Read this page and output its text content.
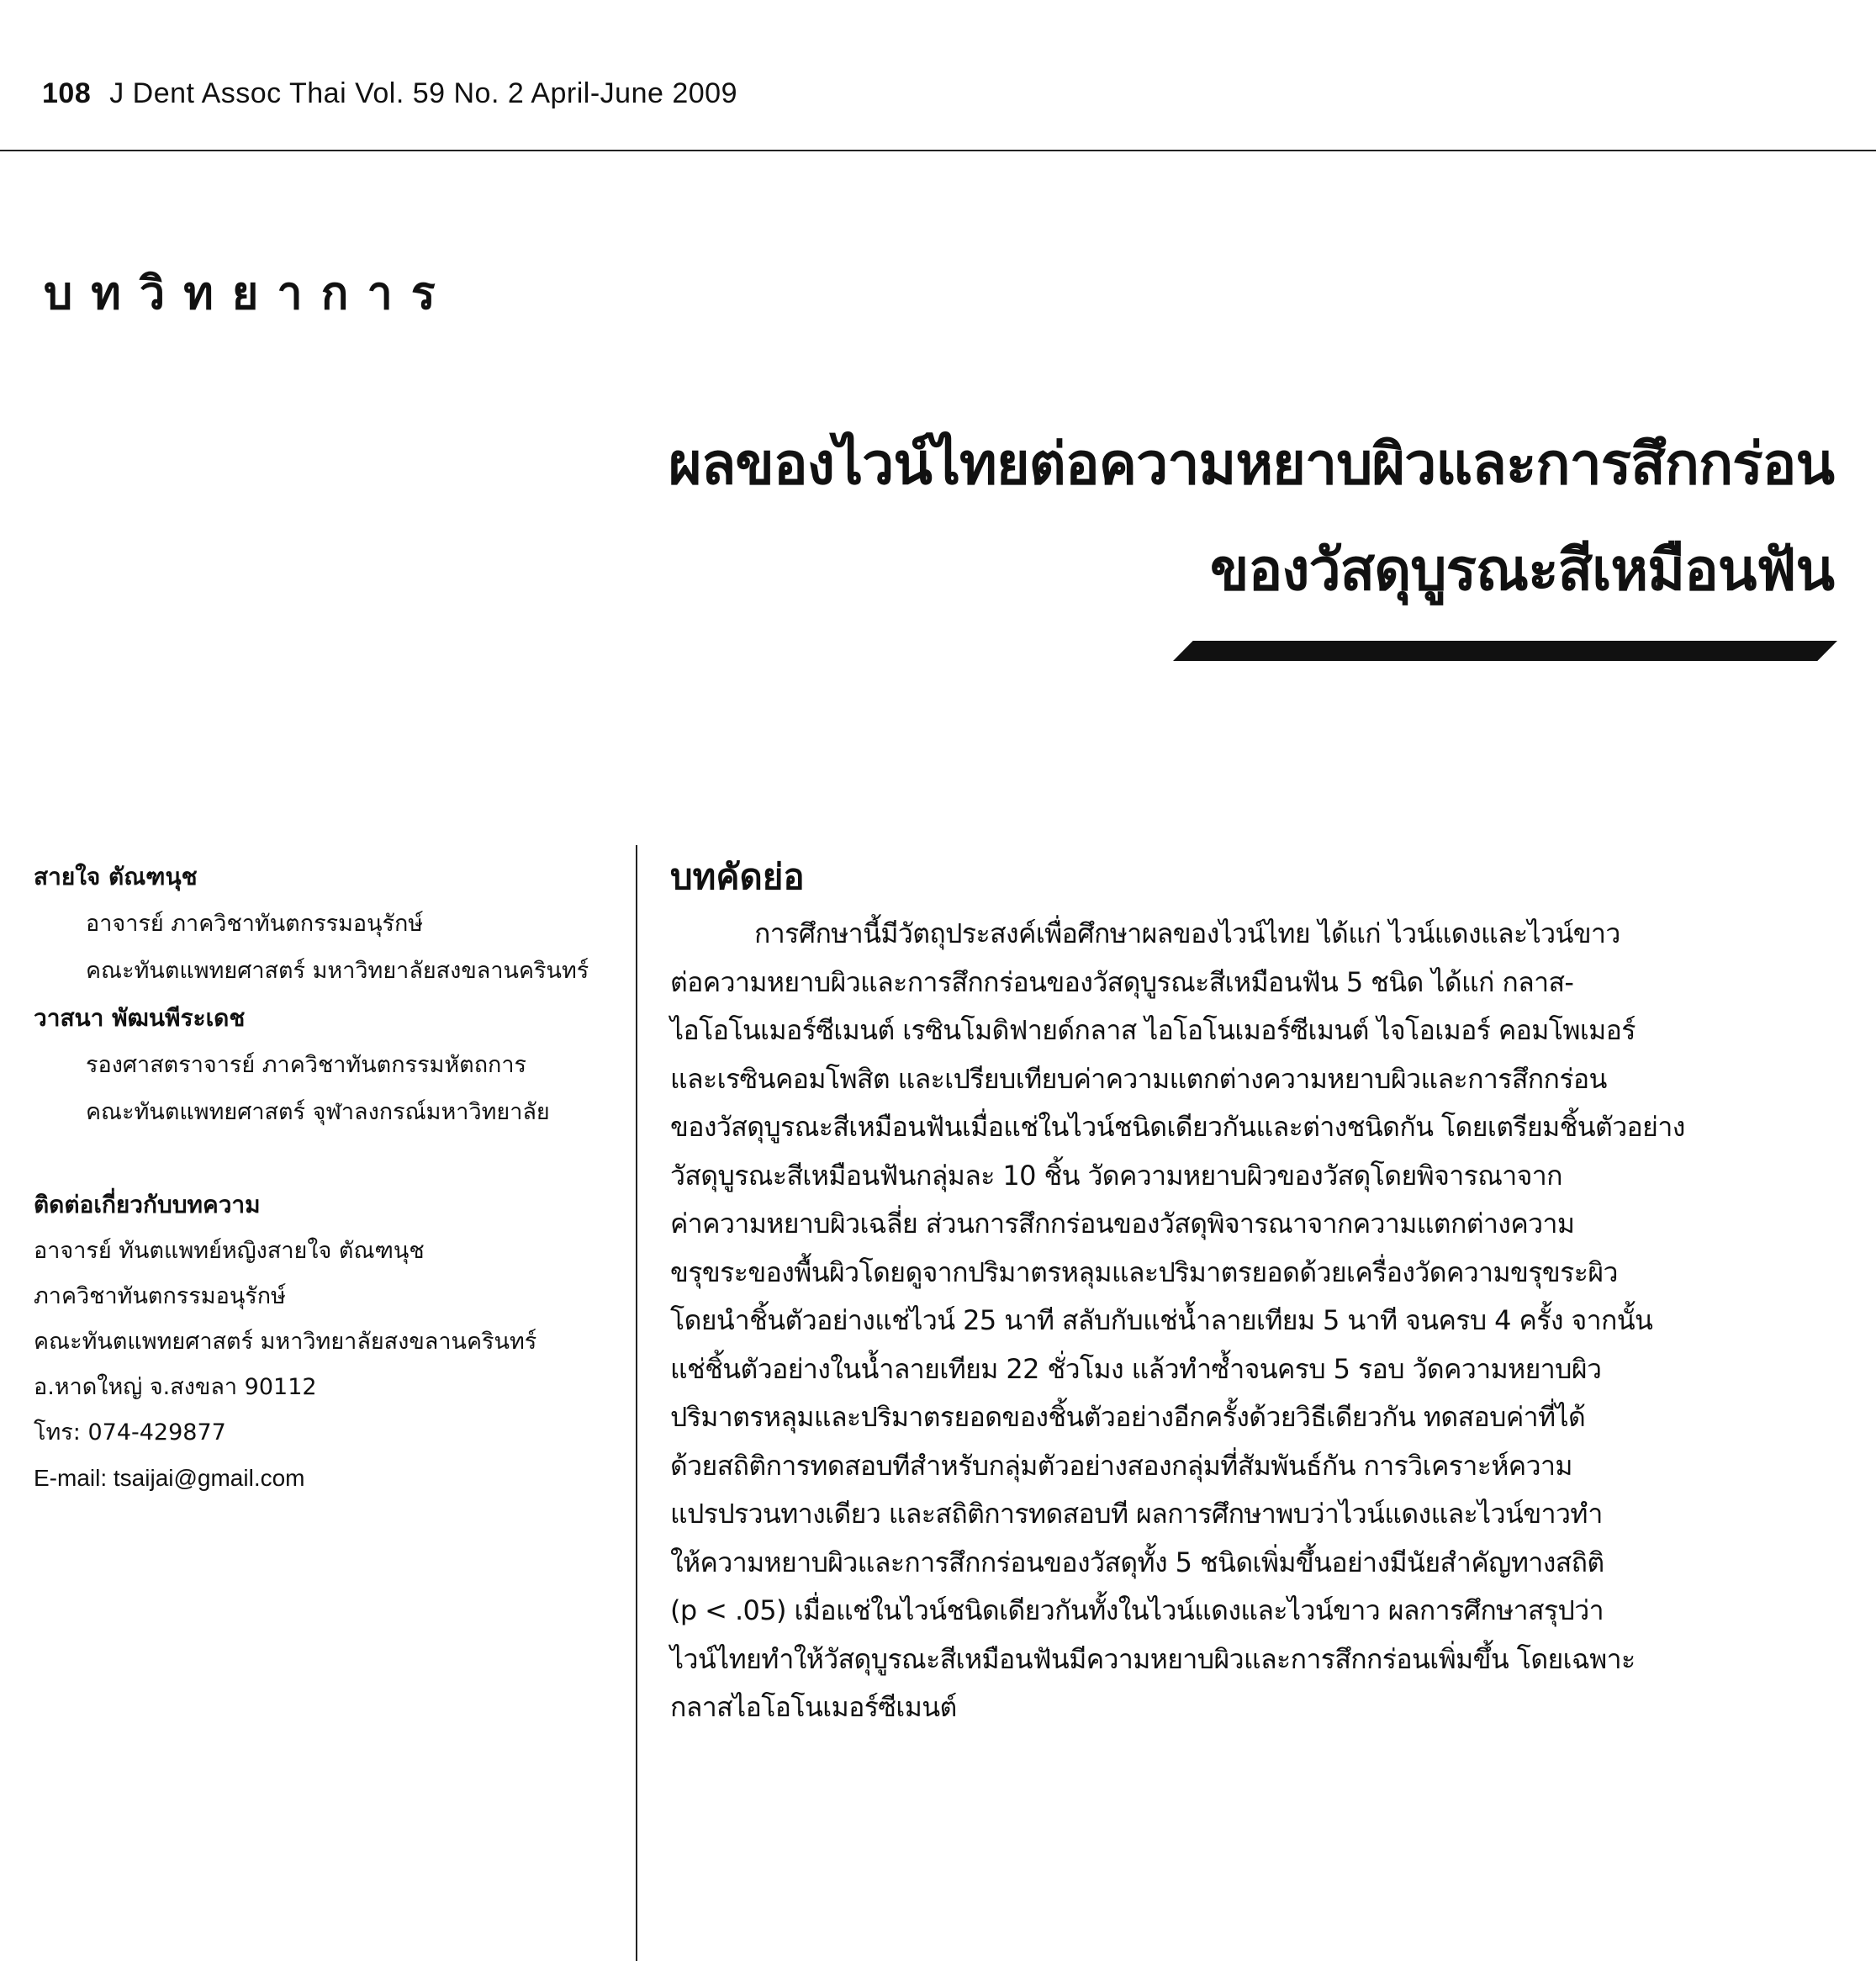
108 J Dent Assoc Thai Vol. 59 No. 2 April-June 2009
บทวิทยาการ
ผลของไวน์ไทยต่อความหยาบผิวและการสึกกร่อน
ของวัสดุบูรณะสีเหมือนฟัน
สายใจ ตัณฑนุช
อาจารย์ ภาควิชาทันตกรรมอนุรักษ์
คณะทันตแพทยศาสตร์ มหาวิทยาลัยสงขลานครินทร์
วาสนา พัฒนพีระเดช
รองศาสตราจารย์ ภาควิชาทันตกรรมหัตถการ
คณะทันตแพทยศาสตร์ จุฬาลงกรณ์มหาวิทยาลัย
ติดต่อเกี่ยวกับบทความ
อาจารย์ ทันตแพทย์หญิงสายใจ ตัณฑนุช
ภาควิชาทันตกรรมอนุรักษ์
คณะทันตแพทยศาสตร์ มหาวิทยาลัยสงขลานครินทร์
อ.หาดใหญ่ จ.สงขลา 90112
โทร: 074-429877
E-mail: tsaijai@gmail.com
บทคัดย่อ
การศึกษานี้มีวัตถุประสงค์เพื่อศึกษาผลของไวน์ไทย ได้แก่ ไวน์แดงและไวน์ขาว
ต่อความหยาบผิวและการสึกกร่อนของวัสดุบูรณะสีเหมือนฟัน 5 ชนิด ได้แก่ กลาส-
ไอโอโนเมอร์ซีเมนต์ เรซินโมดิฟายด์กลาส ไอโอโนเมอร์ซีเมนต์ ไจโอเมอร์ คอมโพเมอร์
และเรซินคอมโพสิต และเปรียบเทียบค่าความแตกต่างความหยาบผิวและการสึกกร่อน
ของวัสดุบูรณะสีเหมือนฟันเมื่อแช่ในไวน์ชนิดเดียวกันและต่างชนิดกัน โดยเตรียมชิ้นตัวอย่าง
วัสดุบูรณะสีเหมือนฟันกลุ่มละ 10 ชิ้น วัดความหยาบผิวของวัสดุโดยพิจารณาจาก
ค่าความหยาบผิวเฉลี่ย ส่วนการสึกกร่อนของวัสดุพิจารณาจากความแตกต่างความ
ขรุขระของพื้นผิวโดยดูจากปริมาตรหลุมและปริมาตรยอดด้วยเครื่องวัดความขรุขระผิว
โดยนำชิ้นตัวอย่างแช่ไวน์ 25 นาที สลับกับแช่น้ำลายเทียม 5 นาที จนครบ 4 ครั้ง จากนั้น
แช่ชิ้นตัวอย่างในน้ำลายเทียม 22 ชั่วโมง แล้วทำซ้ำจนครบ 5 รอบ วัดความหยาบผิว
ปริมาตรหลุมและปริมาตรยอดของชิ้นตัวอย่างอีกครั้งด้วยวิธีเดียวกัน ทดสอบค่าที่ได้
ด้วยสถิติการทดสอบทีสำหรับกลุ่มตัวอย่างสองกลุ่มที่สัมพันธ์กัน การวิเคราะห์ความ
แปรปรวนทางเดียว และสถิติการทดสอบที ผลการศึกษาพบว่าไวน์แดงและไวน์ขาวทำ
ให้ความหยาบผิวและการสึกกร่อนของวัสดุทั้ง 5 ชนิดเพิ่มขึ้นอย่างมีนัยสำคัญทางสถิติ
(p < .05) เมื่อแช่ในไวน์ชนิดเดียวกันทั้งในไวน์แดงและไวน์ขาว ผลการศึกษาสรุปว่า
ไวน์ไทยทำให้วัสดุบูรณะสีเหมือนฟันมีความหยาบผิวและการสึกกร่อนเพิ่มขึ้น โดยเฉพาะ
กลาสไอโอโนเมอร์ซีเมนต์
